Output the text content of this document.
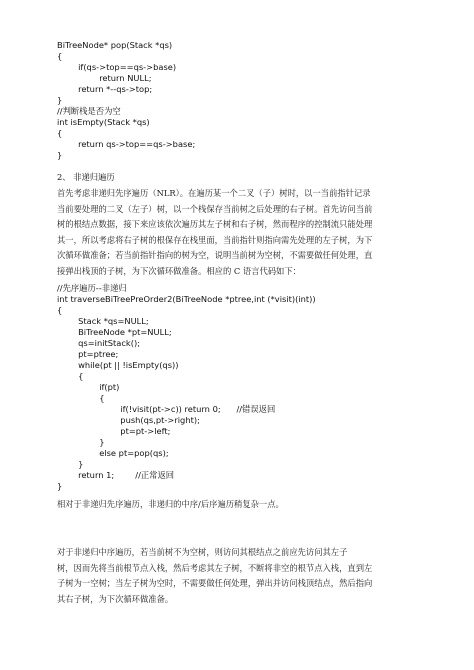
BiTreeNode* pop(Stack *qs)
{
if(qs->top==qs->base)
return NULL;
return *--qs->top;
}
//判断栈是否为空
int isEmpty(Stack *qs)
{
return qs->top==qs->base;
}
2、 非递归遍历
首先考虑非递归先序遍历（NLR）。在遍历某一个二叉（子）树时，以一当前指针记录
当前要处理的二叉（左子）树，以一个栈保存当前树之后处理的右子树。首先访问当前
树的根结点数据，接下来应该依次遍历其左子树和右子树，然而程序的控制流只能处理
其一，所以考虑将右子树的根保存在栈里面，当前指针则指向需先处理的左子树，为下
次循环做准备；若当前指针指向的树为空，说明当前树为空树，不需要做任何处理，直
接弹出栈顶的子树，为下次循环做准备。相应的 C 语言代码如下：
//先序遍历--非递归
int traverseBiTreePreOrder2(BiTreeNode *ptree,int (*visit)(int))
{
Stack *qs=NULL;
BiTreeNode *pt=NULL;
qs=initStack();
pt=ptree;
while(pt || !isEmpty(qs))
{
if(pt)
{
if(!visit(pt->c)) return 0;      //错误返回
push(qs,pt->right);
pt=pt->left;
}
else pt=pop(qs);
}
return 1;        //正常返回
}
相对于非递归先序遍历，非递归的中序/后序遍历稍复杂一点。
对于非递归中序遍历，若当前树不为空树，则访问其根结点之前应先访问其左子
树，因而先将当前根节点入栈，然后考虑其左子树，不断将非空的根节点入栈，直到左
子树为一空树；当左子树为空时，不需要做任何处理，弹出并访问栈顶结点，然后指向
其右子树，为下次循环做准备。
